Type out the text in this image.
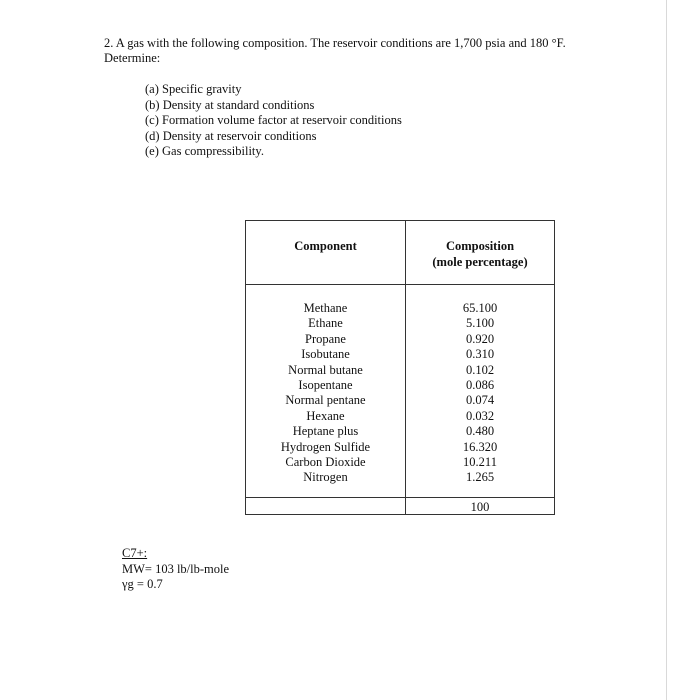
2. A gas with the following composition. The reservoir conditions are 1,700 psia and 180 °F. Determine:
(a) Specific gravity
(b) Density at standard conditions
(c) Formation volume factor at reservoir conditions
(d) Density at reservoir conditions
(e) Gas compressibility.
Component	Composition
(mole percentage)
Methane
Ethane
Propane
Isobutane
Normal butane
Isopentane
Normal pentane
Hexane
Heptane plus
Hydrogen Sulfide
Carbon Dioxide
Nitrogen
65.100
5.100
0.920
0.310
0.102
0.086
0.074
0.032
0.480
16.320
10.211
1.265
100
C7+:
MW= 103 lb/lb-mole
γg = 0.7
